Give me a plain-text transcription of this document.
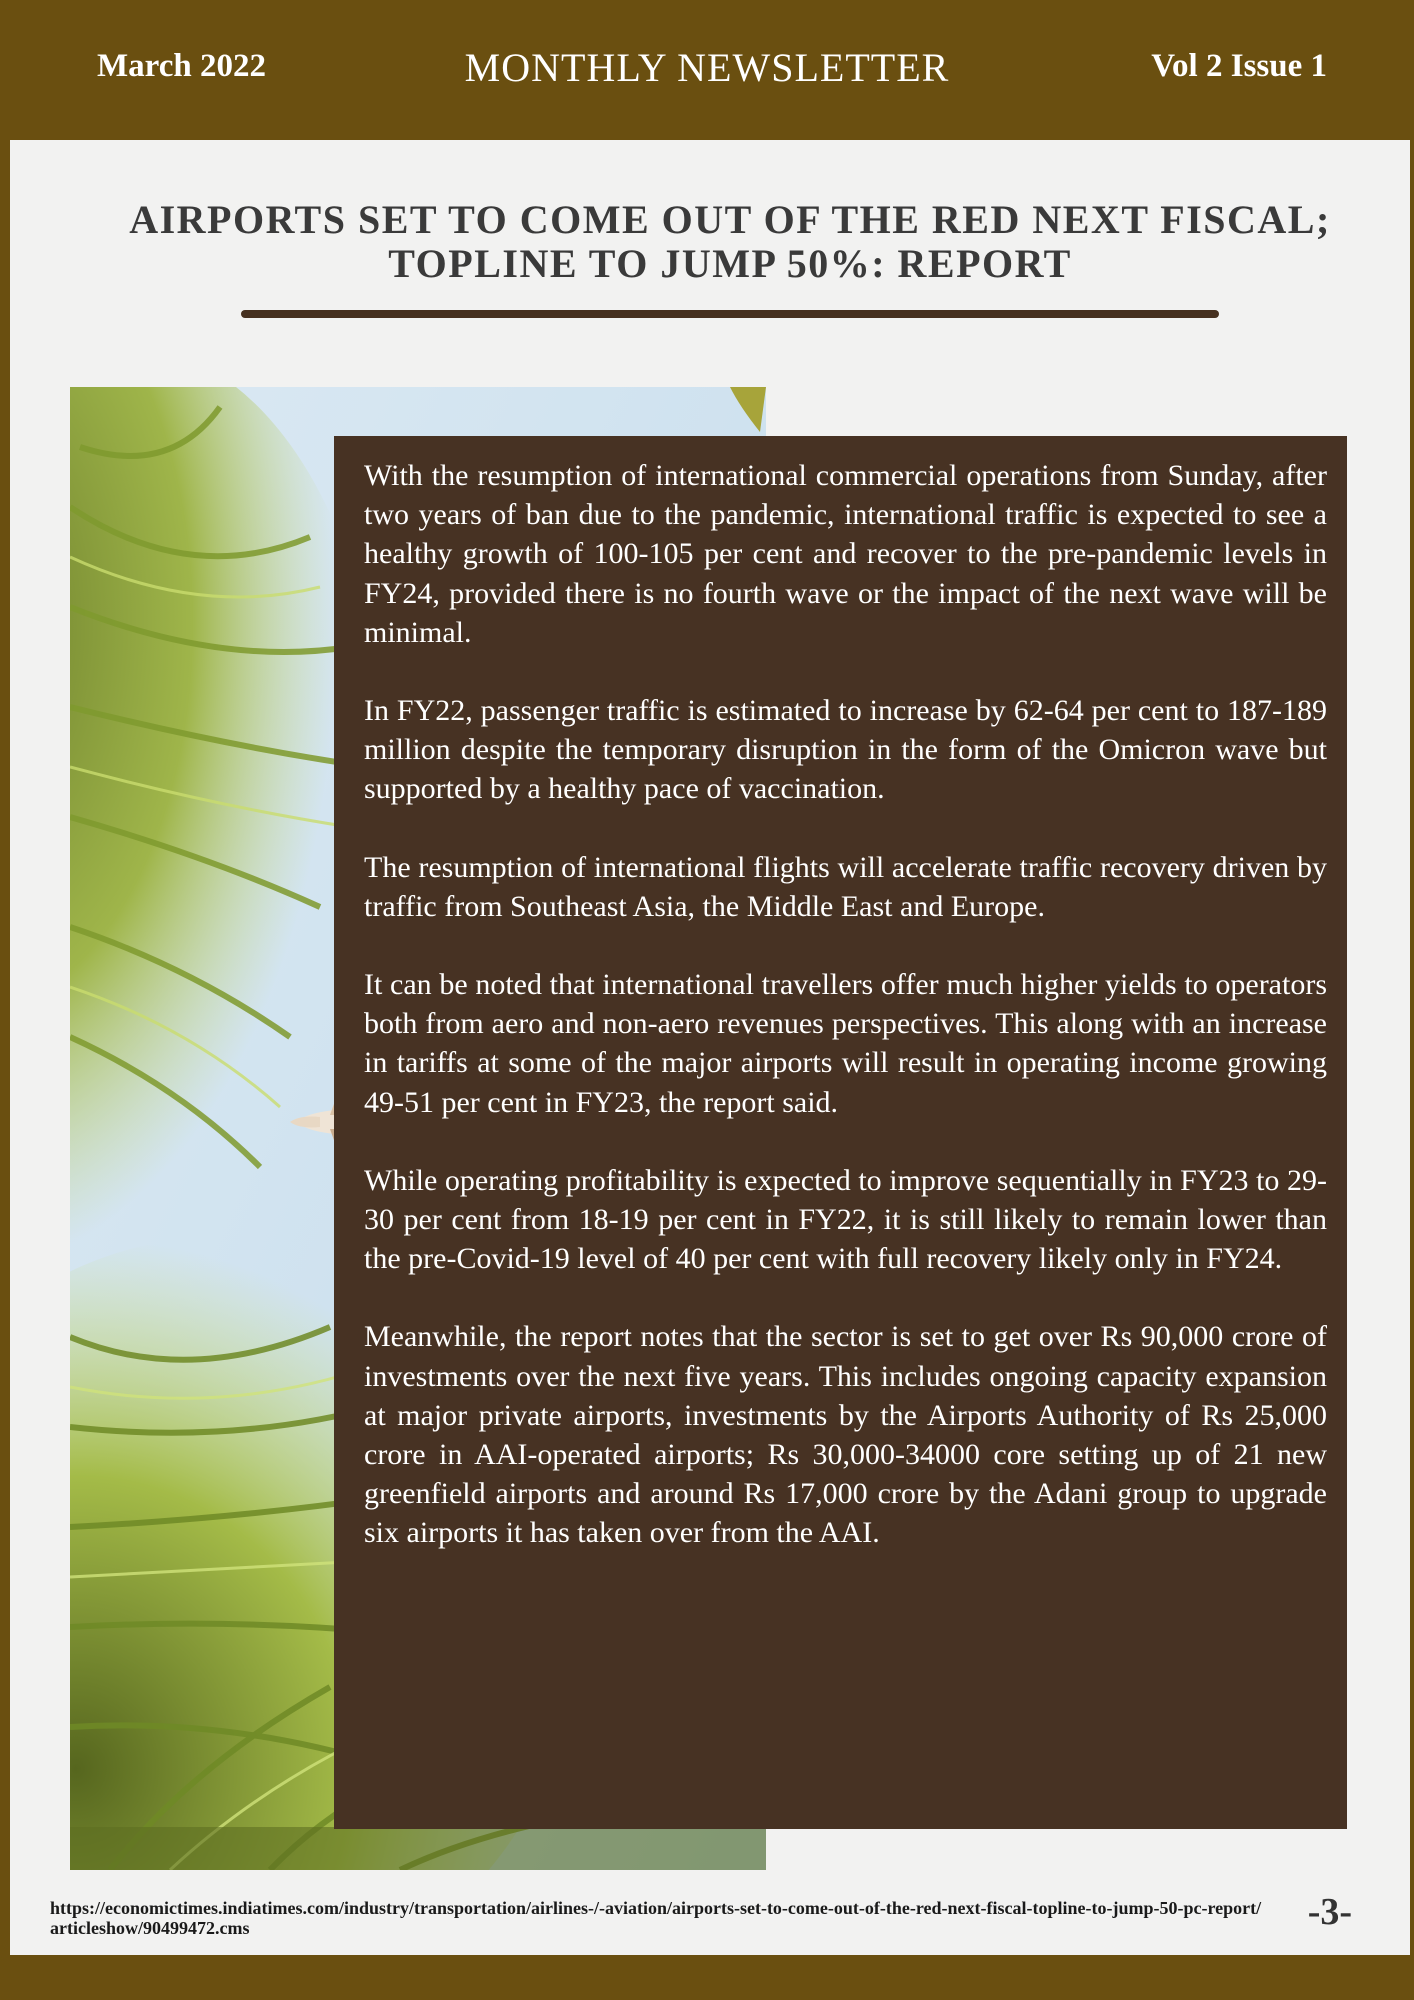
March 2022	MONTHLY NEWSLETTER	Vol 2 Issue 1
AIRPORTS SET TO COME OUT OF THE RED NEXT FISCAL; TOPLINE TO JUMP 50%: REPORT

With the resumption of international commercial operations from Sunday, after two years of ban due to the pandemic, international traffic is expected to see a healthy growth of 100-105 per cent and recover to the pre-pandemic levels in FY24, provided there is no fourth wave or the impact of the next wave will be minimal.

In FY22, passenger traffic is estimated to increase by 62-64 per cent to 187-189 million despite the temporary disruption in the form of the Omicron wave but supported by a healthy pace of vaccination.

The resumption of international flights will accelerate traffic recovery driven by traffic from Southeast Asia, the Middle East and Europe.

It can be noted that international travellers offer much higher yields to operators both from aero and non-aero revenues perspectives. This along with an increase in tariffs at some of the major airports will result in operating income growing 49-51 per cent in FY23, the report said.

While operating profitability is expected to improve sequentially in FY23 to 29-30 per cent from 18-19 per cent in FY22, it is still likely to remain lower than the pre-Covid-19 level of 40 per cent with full recovery likely only in FY24.

Meanwhile, the report notes that the sector is set to get over Rs 90,000 crore of investments over the next five years. This includes ongoing capacity expansion at major private airports, investments by the Airports Authority of Rs 25,000 crore in AAI-operated airports; Rs 30,000-34000 core setting up of 21 new greenfield airports and around Rs 17,000 crore by the Adani group to upgrade six airports it has taken over from the AAI.

https://economictimes.indiatimes.com/industry/transportation/airlines-/-aviation/airports-set-to-come-out-of-the-red-next-fiscal-topline-to-jump-50-pc-report/articleshow/90499472.cms	-3-
